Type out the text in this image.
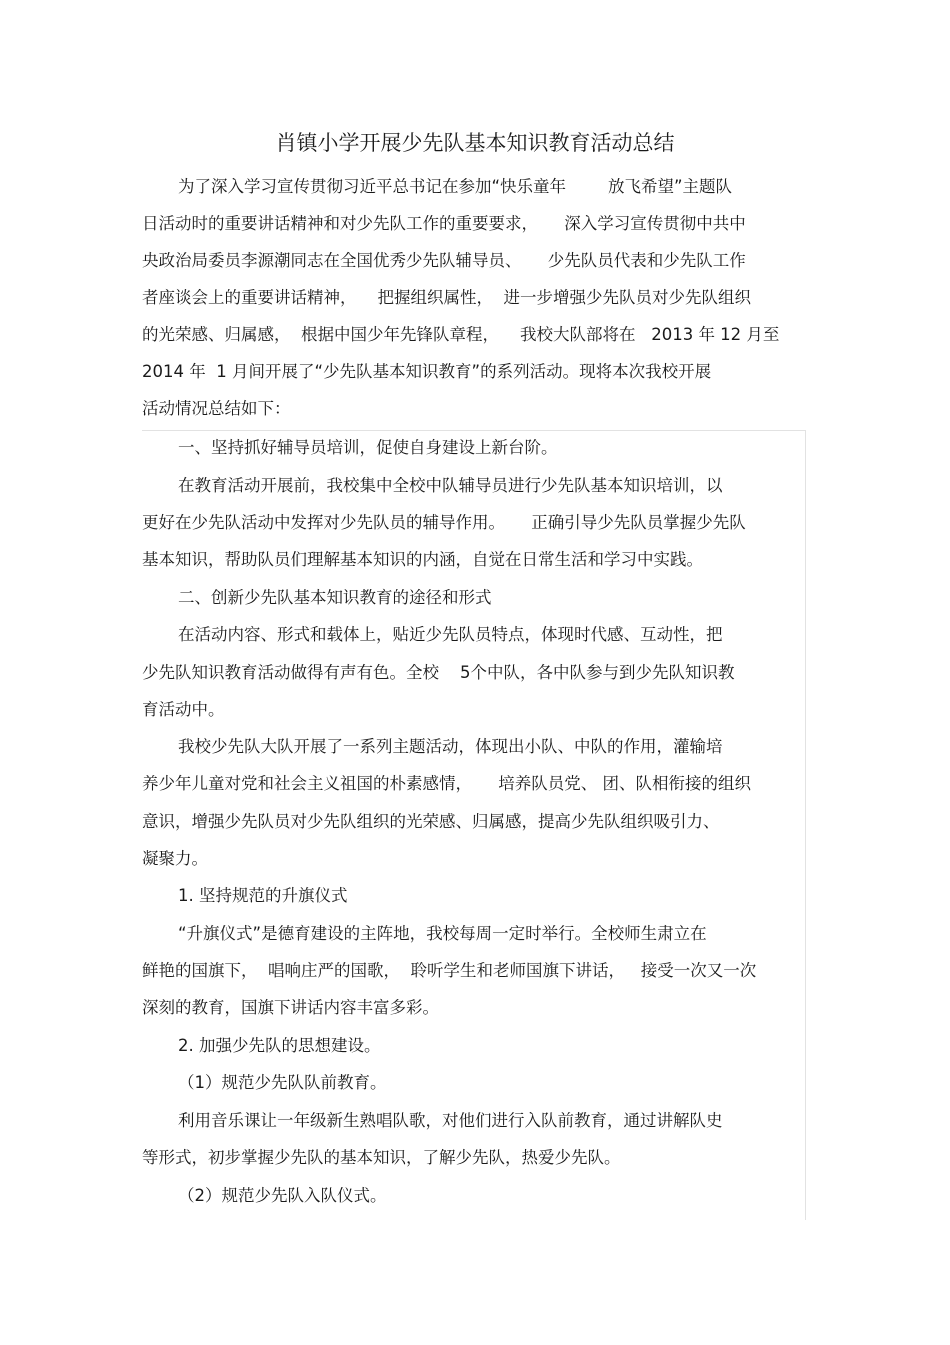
肖镇小学开展少先队基本知识教育活动总结
为了深入学习宣传贯彻习近平总书记在参加“快乐童年        放飞希望”主题队
日活动时的重要讲话精神和对少先队工作的重要要求，     深入学习宣传贯彻中共中
央政治局委员李源潮同志在全国优秀少先队辅导员、     少先队员代表和少先队工作
者座谈会上的重要讲话精神，    把握组织属性，  进一步增强少先队员对少先队组织
的光荣感、归属感，  根据中国少年先锋队章程，    我校大队部将在   2013 年 12 月至
2014 年  1 月间开展了“少先队基本知识教育”的系列活动。现将本次我校开展
活动情况总结如下：
一、坚持抓好辅导员培训，促使自身建设上新台阶。
在教育活动开展前，我校集中全校中队辅导员进行少先队基本知识培训，以
更好在少先队活动中发挥对少先队员的辅导作用。     正确引导少先队员掌握少先队
基本知识，帮助队员们理解基本知识的内涵，自觉在日常生活和学习中实践。
二、创新少先队基本知识教育的途径和形式
在活动内容、形式和载体上，贴近少先队员特点，体现时代感、互动性，把
少先队知识教育活动做得有声有色。全校    5个中队，各中队参与到少先队知识教
育活动中。
我校少先队大队开展了一系列主题活动，体现出小队、中队的作用，灌输培
养少年儿童对党和社会主义祖国的朴素感情，     培养队员党、 团、队相衔接的组织
意识，增强少先队员对少先队组织的光荣感、归属感，提高少先队组织吸引力、
凝聚力。
1. 坚持规范的升旗仪式
“升旗仪式”是德育建设的主阵地，我校每周一定时举行。全校师生肃立在
鲜艳的国旗下，  唱响庄严的国歌，  聆听学生和老师国旗下讲话，   接受一次又一次
深刻的教育，国旗下讲话内容丰富多彩。
2. 加强少先队的思想建设。
（1）规范少先队队前教育。
利用音乐课让一年级新生熟唱队歌，对他们进行入队前教育，通过讲解队史
等形式，初步掌握少先队的基本知识，了解少先队，热爱少先队。
（2）规范少先队入队仪式。
